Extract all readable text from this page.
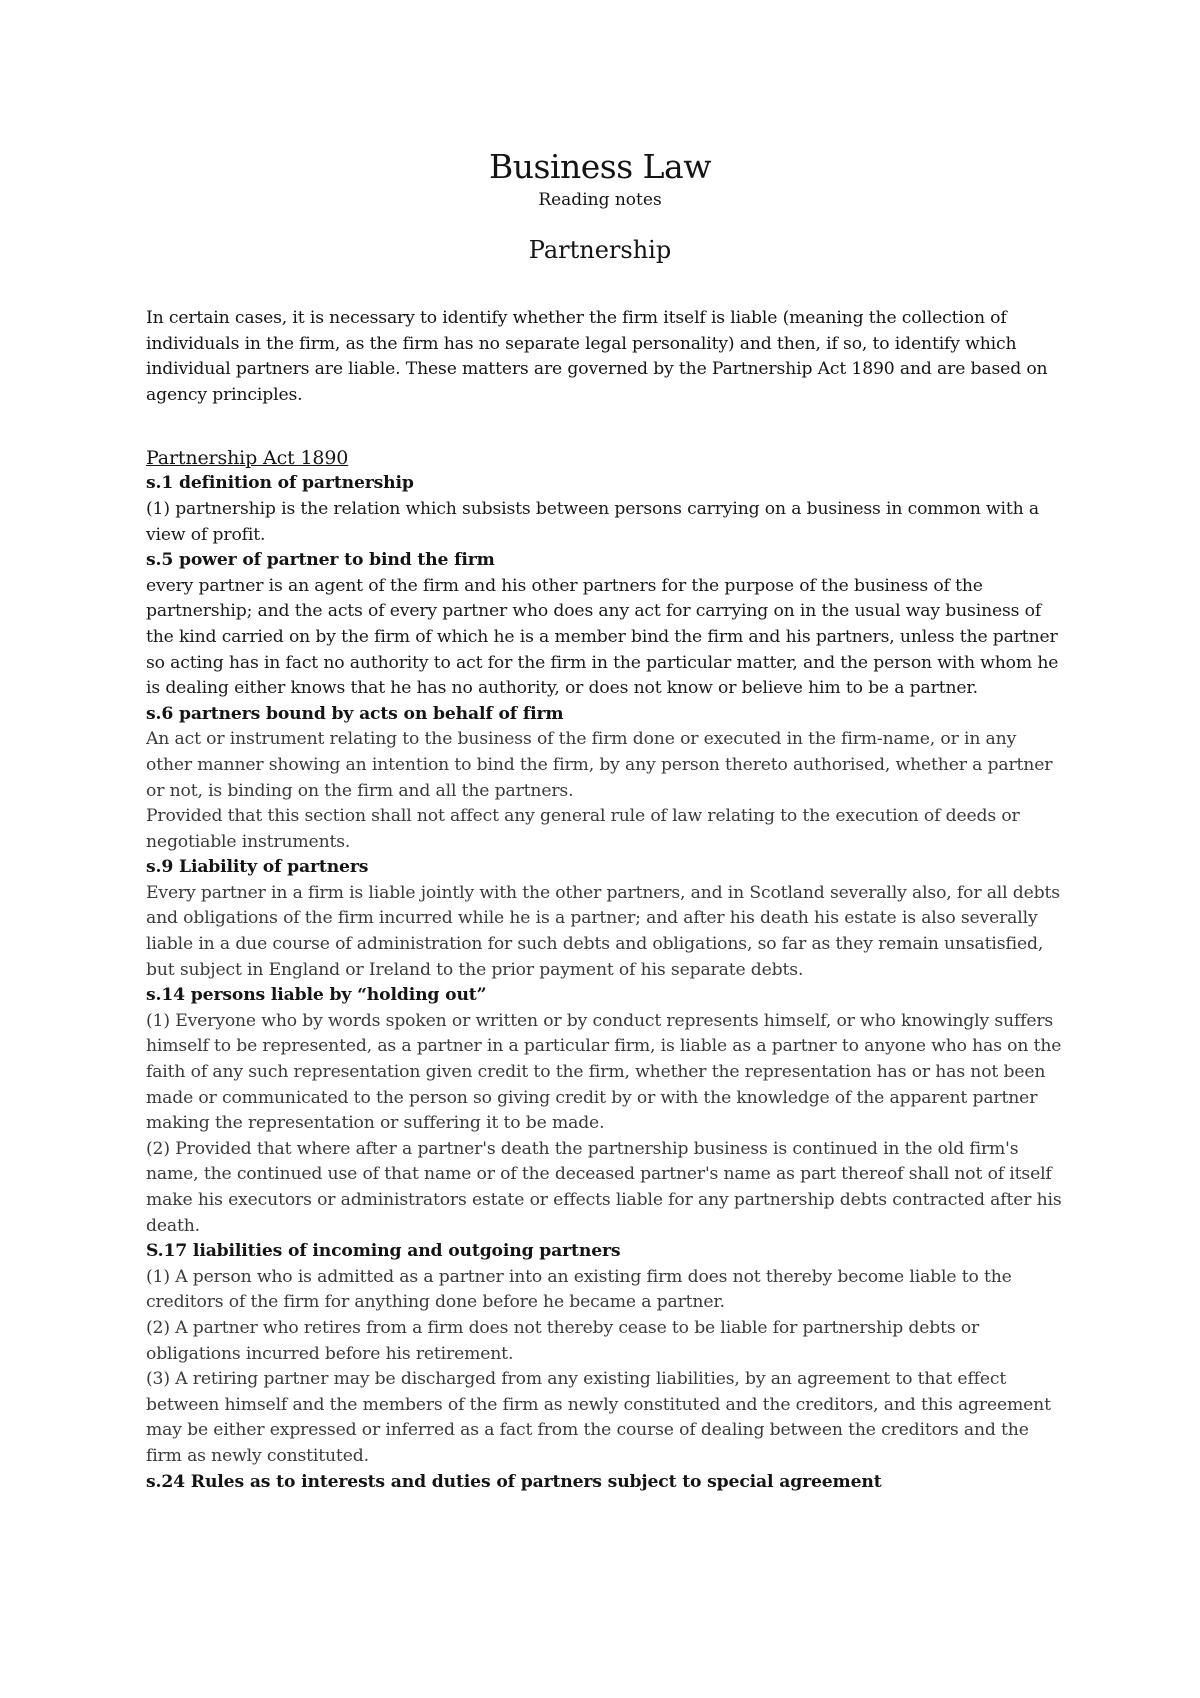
Business Law

Reading notes

Partnership

In certain cases, it is necessary to identify whether the firm itself is liable (meaning the collection of individuals in the firm, as the firm has no separate legal personality) and then, if so, to identify which individual partners are liable. These matters are governed by the Partnership Act 1890 and are based on agency principles.

Partnership Act 1890

s.1 definition of partnership

(1) partnership is the relation which subsists between persons carrying on a business in common with a view of profit.

s.5 power of partner to bind the firm

every partner is an agent of the firm and his other partners for the purpose of the business of the partnership; and the acts of every partner who does any act for carrying on in the usual way business of the kind carried on by the firm of which he is a member bind the firm and his partners, unless the partner so acting has in fact no authority to act for the firm in the particular matter, and the person with whom he is dealing either knows that he has no authority, or does not know or believe him to be a partner.

s.6 partners bound by acts on behalf of firm

An act or instrument relating to the business of the firm done or executed in the firm-name, or in any other manner showing an intention to bind the firm, by any person thereto authorised, whether a partner or not, is binding on the firm and all the partners.

Provided that this section shall not affect any general rule of law relating to the execution of deeds or negotiable instruments.

s.9 Liability of partners

Every partner in a firm is liable jointly with the other partners, and in Scotland severally also, for all debts and obligations of the firm incurred while he is a partner; and after his death his estate is also severally liable in a due course of administration for such debts and obligations, so far as they remain unsatisfied, but subject in England or Ireland to the prior payment of his separate debts.

s.14 persons liable by “holding out”

(1) Everyone who by words spoken or written or by conduct represents himself, or who knowingly suffers himself to be represented, as a partner in a particular firm, is liable as a partner to anyone who has on the faith of any such representation given credit to the firm, whether the representation has or has not been made or communicated to the person so giving credit by or with the knowledge of the apparent partner making the representation or suffering it to be made.

(2) Provided that where after a partner's death the partnership business is continued in the old firm's name, the continued use of that name or of the deceased partner's name as part thereof shall not of itself make his executors or administrators estate or effects liable for any partnership debts contracted after his death.

S.17 liabilities of incoming and outgoing partners

(1) A person who is admitted as a partner into an existing firm does not thereby become liable to the creditors of the firm for anything done before he became a partner.

(2) A partner who retires from a firm does not thereby cease to be liable for partnership debts or obligations incurred before his retirement.

(3) A retiring partner may be discharged from any existing liabilities, by an agreement to that effect between himself and the members of the firm as newly constituted and the creditors, and this agreement may be either expressed or inferred as a fact from the course of dealing between the creditors and the firm as newly constituted.

s.24 Rules as to interests and duties of partners subject to special agreement
